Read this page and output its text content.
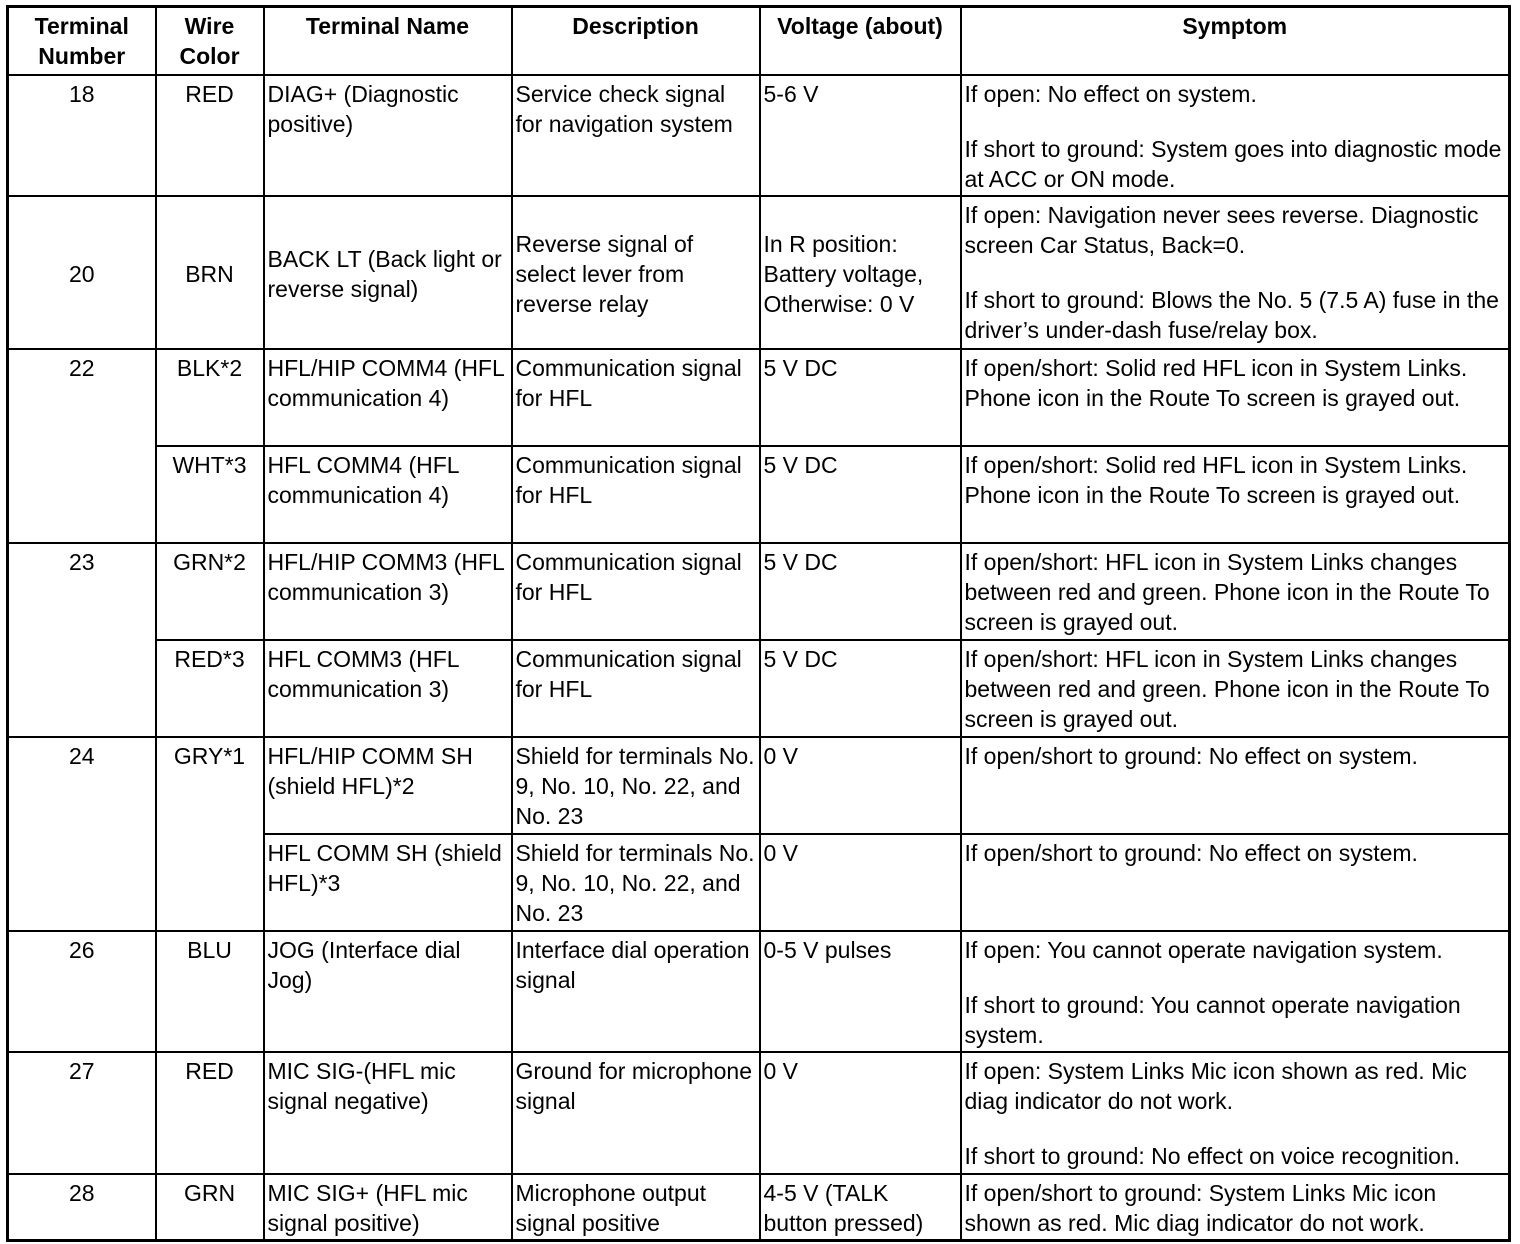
Terminal Number	Wire Color	Terminal Name	Description	Voltage (about)	Symptom
18	RED	DIAG+ (Diagnostic positive)	Service check signal for navigation system	5-6 V	If open: No effect on system.
If short to ground: System goes into diagnostic mode at ACC or ON mode.

20	BRN	BACK LT (Back light or reverse signal)	Reverse signal of select lever from reverse relay	In R position: Battery voltage, Otherwise: 0 V	If open: Navigation never sees reverse. Diagnostic screen Car Status, Back=0.
If short to ground: Blows the No. 5 (7.5 A) fuse in the driver’s under-dash fuse/relay box.

22	BLK*2	HFL/HIP COMM4 (HFL communication 4)	Communication signal for HFL	5 V DC	If open/short: Solid red HFL icon in System Links. Phone icon in the Route To screen is grayed out.

	WHT*3	HFL COMM4 (HFL communication 4)	Communication signal for HFL	5 V DC	If open/short: Solid red HFL icon in System Links. Phone icon in the Route To screen is grayed out.

23	GRN*2	HFL/HIP COMM3 (HFL communication 3)	Communication signal for HFL	5 V DC	If open/short: HFL icon in System Links changes between red and green. Phone icon in the Route To screen is grayed out.

	RED*3	HFL COMM3 (HFL communication 3)	Communication signal for HFL	5 V DC	If open/short: HFL icon in System Links changes between red and green. Phone icon in the Route To screen is grayed out.

24	GRY*1	HFL/HIP COMM SH (shield HFL)*2	Shield for terminals No. 9, No. 10, No. 22, and No. 23	0 V	If open/short to ground: No effect on system.

		HFL COMM SH (shield HFL)*3	Shield for terminals No. 9, No. 10, No. 22, and No. 23	0 V	If open/short to ground: No effect on system.

26	BLU	JOG (Interface dial Jog)	Interface dial operation signal	0-5 V pulses	If open: You cannot operate navigation system.
If short to ground: You cannot operate navigation system.

27	RED	MIC SIG-(HFL mic signal negative)	Ground for microphone signal	0 V	If open: System Links Mic icon shown as red. Mic diag indicator do not work.
If short to ground: No effect on voice recognition.

28	GRN	MIC SIG+ (HFL mic signal positive)	Microphone output signal positive	4-5 V (TALK button pressed)	If open/short to ground: System Links Mic icon shown as red. Mic diag indicator do not work.
